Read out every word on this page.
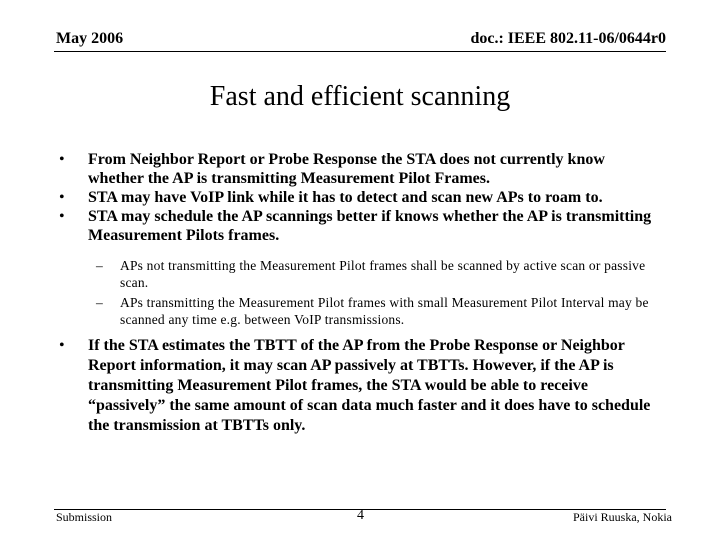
May 2006	doc.: IEEE 802.11-06/0644r0
Fast and efficient scanning
• From Neighbor Report or Probe Response the STA does not currently know whether the AP is transmitting Measurement Pilot Frames.
• STA may have VoIP link while it has to detect and scan new APs to roam to.
• STA may schedule the AP scannings better if knows whether the AP is transmitting Measurement Pilots frames.
– APs not transmitting the Measurement Pilot frames shall be scanned by active scan or passive scan.
– APs transmitting the Measurement Pilot frames with small Measurement Pilot Interval may be scanned any time e.g. between VoIP transmissions.
• If the STA estimates the TBTT of the AP from the Probe Response or Neighbor Report information, it may scan AP passively at TBTTs. However, if the AP is transmitting Measurement Pilot frames, the STA would be able to receive “passively” the same amount of scan data much faster and it does have to schedule the transmission at TBTTs only.
Submission	4	Päivi Ruuska, Nokia
